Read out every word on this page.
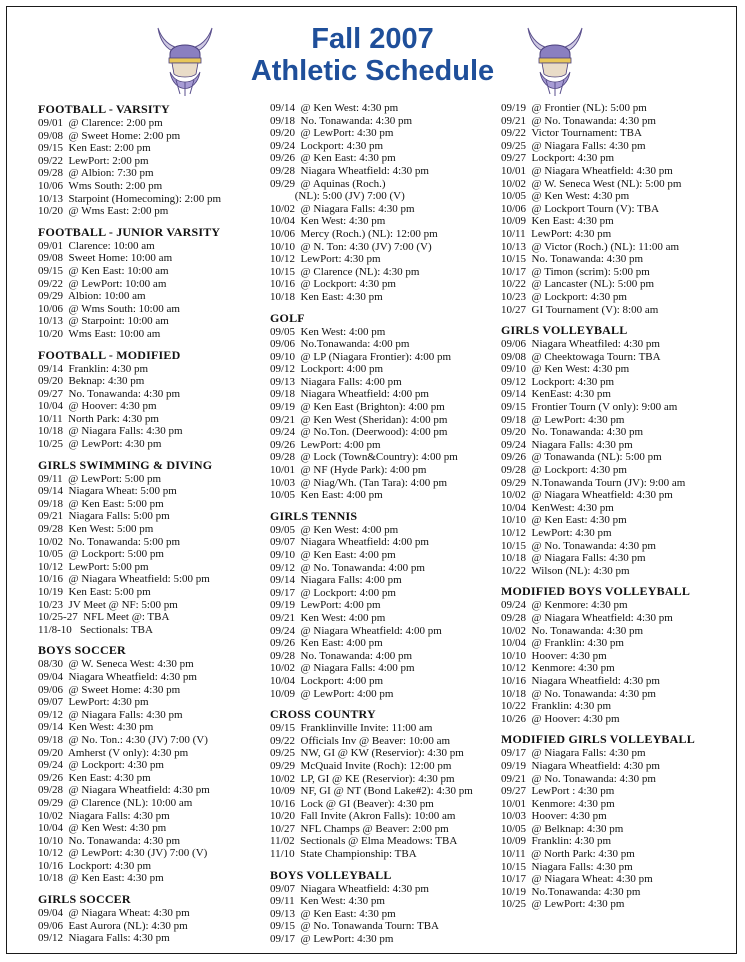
Fall 2007
Athletic Schedule
FOOTBALL - VARSITY
09/01  @ Clarence: 2:00 pm
09/08  @ Sweet Home: 2:00 pm
09/15  Ken East: 2:00 pm
09/22  LewPort: 2:00 pm
09/28  @ Albion: 7:30 pm
10/06  Wms South: 2:00 pm
10/13  Starpoint (Homecoming): 2:00 pm
10/20  @ Wms East: 2:00 pm
FOOTBALL - JUNIOR VARSITY
09/01  Clarence: 10:00 am
09/08  Sweet Home: 10:00 am
09/15  @ Ken East: 10:00 am
09/22  @ LewPort: 10:00 am
09/29  Albion: 10:00 am
10/06  @ Wms South: 10:00 am
10/13  @ Starpoint: 10:00 am
10/20  Wms East: 10:00 am
FOOTBALL - MODIFIED
09/14  Franklin: 4:30 pm
09/20  Beknap: 4:30 pm
09/27  No. Tonawanda: 4:30 pm
10/04  @ Hoover: 4:30 pm
10/11  North Park: 4:30 pm
10/18  @ Niagara Falls: 4:30 pm
10/25  @ LewPort: 4:30 pm
GIRLS SWIMMING & DIVING
09/11  @ LewPort: 5:00 pm
09/14  Niagara Wheat: 5:00 pm
09/18  @ Ken East: 5:00 pm
09/21  Niagara Falls: 5:00 pm
09/28  Ken West: 5:00 pm
10/02  No. Tonawanda: 5:00 pm
10/05  @ Lockport: 5:00 pm
10/12  LewPort: 5:00 pm
10/16  @ Niagara Wheatfield: 5:00 pm
10/19  Ken East: 5:00 pm
10/23  JV Meet @ NF: 5:00 pm
10/25-27  NFL Meet @: TBA
11/8-10   Sectionals: TBA
BOYS SOCCER
08/30  @ W. Seneca West: 4:30 pm
09/04  Niagara Wheatfield: 4:30 pm
09/06  @ Sweet Home: 4:30 pm
09/07  LewPort: 4:30 pm
09/12  @ Niagara Falls: 4:30 pm
09/14  Ken West: 4:30 pm
09/18  @ No. Ton.: 4:30 (JV) 7:00 (V)
09/20  Amherst (V only): 4:30 pm
09/24  @ Lockport: 4:30 pm
09/26  Ken East: 4:30 pm
09/28  @ Niagara Wheatfield: 4:30 pm
09/29  @ Clarence (NL): 10:00 am
10/02  Niagara Falls: 4:30 pm
10/04  @ Ken West: 4:30 pm
10/10  No. Tonawanda: 4:30 pm
10/12  @ LewPort: 4:30 (JV) 7:00 (V)
10/16  Lockport: 4:30 pm
10/18  @ Ken East: 4:30 pm
GIRLS SOCCER
09/04  @ Niagara Wheat: 4:30 pm
09/06  East Aurora (NL): 4:30 pm
09/12  Niagara Falls: 4:30 pm
09/14  @ Ken West: 4:30 pm
09/18  No. Tonawanda: 4:30 pm
09/20  @ LewPort: 4:30 pm
09/24  Lockport: 4:30 pm
09/26  @ Ken East: 4:30 pm
09/28  Niagara Wheatfield: 4:30 pm
09/29  @ Aquinas (Roch.)
(NL): 5:00 (JV) 7:00 (V)
10/02  @ Niagara Falls: 4:30 pm
10/04  Ken West: 4:30 pm
10/06  Mercy (Roch.) (NL): 12:00 pm
10/10  @ N. Ton: 4:30 (JV) 7:00 (V)
10/12  LewPort: 4:30 pm
10/15  @ Clarence (NL): 4:30 pm
10/16  @ Lockport: 4:30 pm
10/18  Ken East: 4:30 pm
GOLF
09/05  Ken West: 4:00 pm
09/06  No.Tonawanda: 4:00 pm
09/10  @ LP (Niagara Frontier): 4:00 pm
09/12  Lockport: 4:00 pm
09/13  Niagara Falls: 4:00 pm
09/18  Niagara Wheatfield: 4:00 pm
09/19  @ Ken East (Brighton): 4:00 pm
09/21  @ Ken West (Sheridan): 4:00 pm
09/24  @ No.Ton. (Deerwood): 4:00 pm
09/26  LewPort: 4:00 pm
09/28  @ Lock (Town&Country): 4:00 pm
10/01  @ NF (Hyde Park): 4:00 pm
10/03  @ Niag/Wh. (Tan Tara): 4:00 pm
10/05  Ken East: 4:00 pm
GIRLS TENNIS
09/05  @ Ken West: 4:00 pm
09/07  Niagara Wheatfield: 4:00 pm
09/10  @ Ken East: 4:00 pm
09/12  @ No. Tonawanda: 4:00 pm
09/14  Niagara Falls: 4:00 pm
09/17  @ Lockport: 4:00 pm
09/19  LewPort: 4:00 pm
09/21  Ken West: 4:00 pm
09/24  @ Niagara Wheatfield: 4:00 pm
09/26  Ken East: 4:00 pm
09/28  No. Tonawanda: 4:00 pm
10/02  @ Niagara Falls: 4:00 pm
10/04  Lockport: 4:00 pm
10/09  @ LewPort: 4:00 pm
CROSS COUNTRY
09/15  Franklinville Invite: 11:00 am
09/22  Officials Inv @ Beaver: 10:00 am
09/25  NW, GI @ KW (Reservior): 4:30 pm
09/29  McQuaid Invite (Roch): 12:00 pm
10/02  LP, GI @ KE (Reservior): 4:30 pm
10/09  NF, GI @ NT (Bond Lake#2): 4:30 pm
10/16  Lock @ GI (Beaver): 4:30 pm
10/20  Fall Invite (Akron Falls): 10:00 am
10/27  NFL Champs @ Beaver: 2:00 pm
11/02  Sectionals @ Elma Meadows: TBA
11/10  State Championship: TBA
BOYS VOLLEYBALL
09/07  Niagara Wheatfield: 4:30 pm
09/11  Ken West: 4:30 pm
09/13  @ Ken East: 4:30 pm
09/15  @ No. Tonawanda Tourn: TBA
09/17  @ LewPort: 4:30 pm
09/19  @ Frontier (NL): 5:00 pm
09/21  @ No. Tonawanda: 4:30 pm
09/22  Victor Tournament: TBA
09/25  @ Niagara Falls: 4:30 pm
09/27  Lockport: 4:30 pm
10/01  @ Niagara Wheatfield: 4:30 pm
10/02  @ W. Seneca West (NL): 5:00 pm
10/05  @ Ken West: 4:30 pm
10/06  @ Lockport Tourn (V): TBA
10/09  Ken East: 4:30 pm
10/11  LewPort: 4:30 pm
10/13  @ Victor (Roch.) (NL): 11:00 am
10/15  No. Tonawanda: 4:30 pm
10/17  @ Timon (scrim): 5:00 pm
10/22  @ Lancaster (NL): 5:00 pm
10/23  @ Lockport: 4:30 pm
10/27  GI Tournament (V): 8:00 am
GIRLS VOLLEYBALL
09/06  Niagara Wheatfiled: 4:30 pm
09/08  @ Cheektowaga Tourn: TBA
09/10  @ Ken West: 4:30 pm
09/12  Lockport: 4:30 pm
09/14  KenEast: 4:30 pm
09/15  Frontier Tourn (V only): 9:00 am
09/18  @ LewPort: 4:30 pm
09/20  No. Tonawanda: 4:30 pm
09/24  Niagara Falls: 4:30 pm
09/26  @ Tonawanda (NL): 5:00 pm
09/28  @ Lockport: 4:30 pm
09/29  N.Tonawanda Tourn (JV): 9:00 am
10/02  @ Niagara Wheatfield: 4:30 pm
10/04  KenWest: 4:30 pm
10/10  @ Ken East: 4:30 pm
10/12  LewPort: 4:30 pm
10/15  @ No. Tonawanda: 4:30 pm
10/18  @ Niagara Falls: 4:30 pm
10/22  Wilson (NL): 4:30 pm
MODIFIED BOYS VOLLEYBALL
09/24  @ Kenmore: 4:30 pm
09/28  @ Niagara Wheatfield: 4:30 pm
10/02  No. Tonawanda: 4:30 pm
10/04  @ Franklin: 4:30 pm
10/10  Hoover: 4:30 pm
10/12  Kenmore: 4:30 pm
10/16  Niagara Wheatfield: 4:30 pm
10/18  @ No. Tonawanda: 4:30 pm
10/22  Franklin: 4:30 pm
10/26  @ Hoover: 4:30 pm
MODIFIED GIRLS VOLLEYBALL
09/17  @ Niagara Falls: 4:30 pm
09/19  Niagara Wheatfield: 4:30 pm
09/21  @ No. Tonawanda: 4:30 pm
09/27  LewPort : 4:30 pm
10/01  Kenmore: 4:30 pm
10/03  Hoover: 4:30 pm
10/05  @ Belknap: 4:30 pm
10/09  Franklin: 4:30 pm
10/11  @ North Park: 4:30 pm
10/15  Niagara Falls: 4:30 pm
10/17  @ Niagara Wheat: 4:30 pm
10/19  No.Tonawanda: 4:30 pm
10/25  @ LewPort: 4:30 pm
